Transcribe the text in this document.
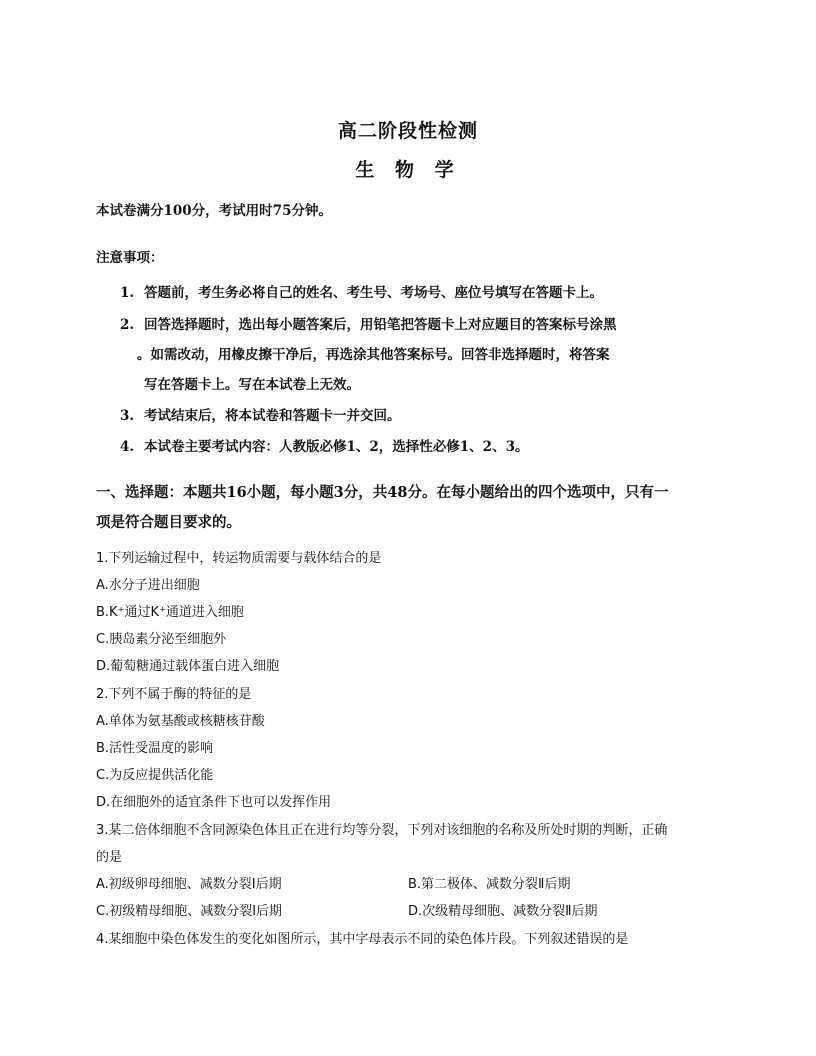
高二阶段性检测
生 物 学

本试卷满分100分，考试用时75分钟。

注意事项：

1. 答题前，考生务必将自己的姓名、考生号、考场号、座位号填写在答题卡上。

2. 回答选择题时，选出每小题答案后，用铅笔把答题卡上对应题目的答案标号涂黑

。如需改动，用橡皮擦干净后，再选涂其他答案标号。回答非选择题时，将答案

写在答题卡上。写在本试卷上无效。

3. 考试结束后，将本试卷和答题卡一并交回。

4. 本试卷主要考试内容：人教版必修1、2，选择性必修1、2、3。

一、选择题：本题共16小题，每小题3分，共48分。在每小题给出的四个选项中，只有一

项是符合题目要求的。

1.下列运输过程中，转运物质需要与载体结合的是

A.水分子进出细胞

B.K⁺通过K⁺通道进入细胞

C.胰岛素分泌至细胞外

D.葡萄糖通过载体蛋白进入细胞

2.下列不属于酶的特征的是

A.单体为氨基酸或核糖核苷酸

B.活性受温度的影响

C.为反应提供活化能

D.在细胞外的适宜条件下也可以发挥作用

3.某二倍体细胞不含同源染色体且正在进行均等分裂，下列对该细胞的名称及所处时期的判断，正确

的是

A.初级卵母细胞、减数分裂Ⅰ后期	B.第二极体、减数分裂Ⅱ后期

C.初级精母细胞、减数分裂Ⅰ后期	D.次级精母细胞、减数分裂Ⅱ后期

4.某细胞中染色体发生的变化如图所示，其中字母表示不同的染色体片段。下列叙述错误的是
